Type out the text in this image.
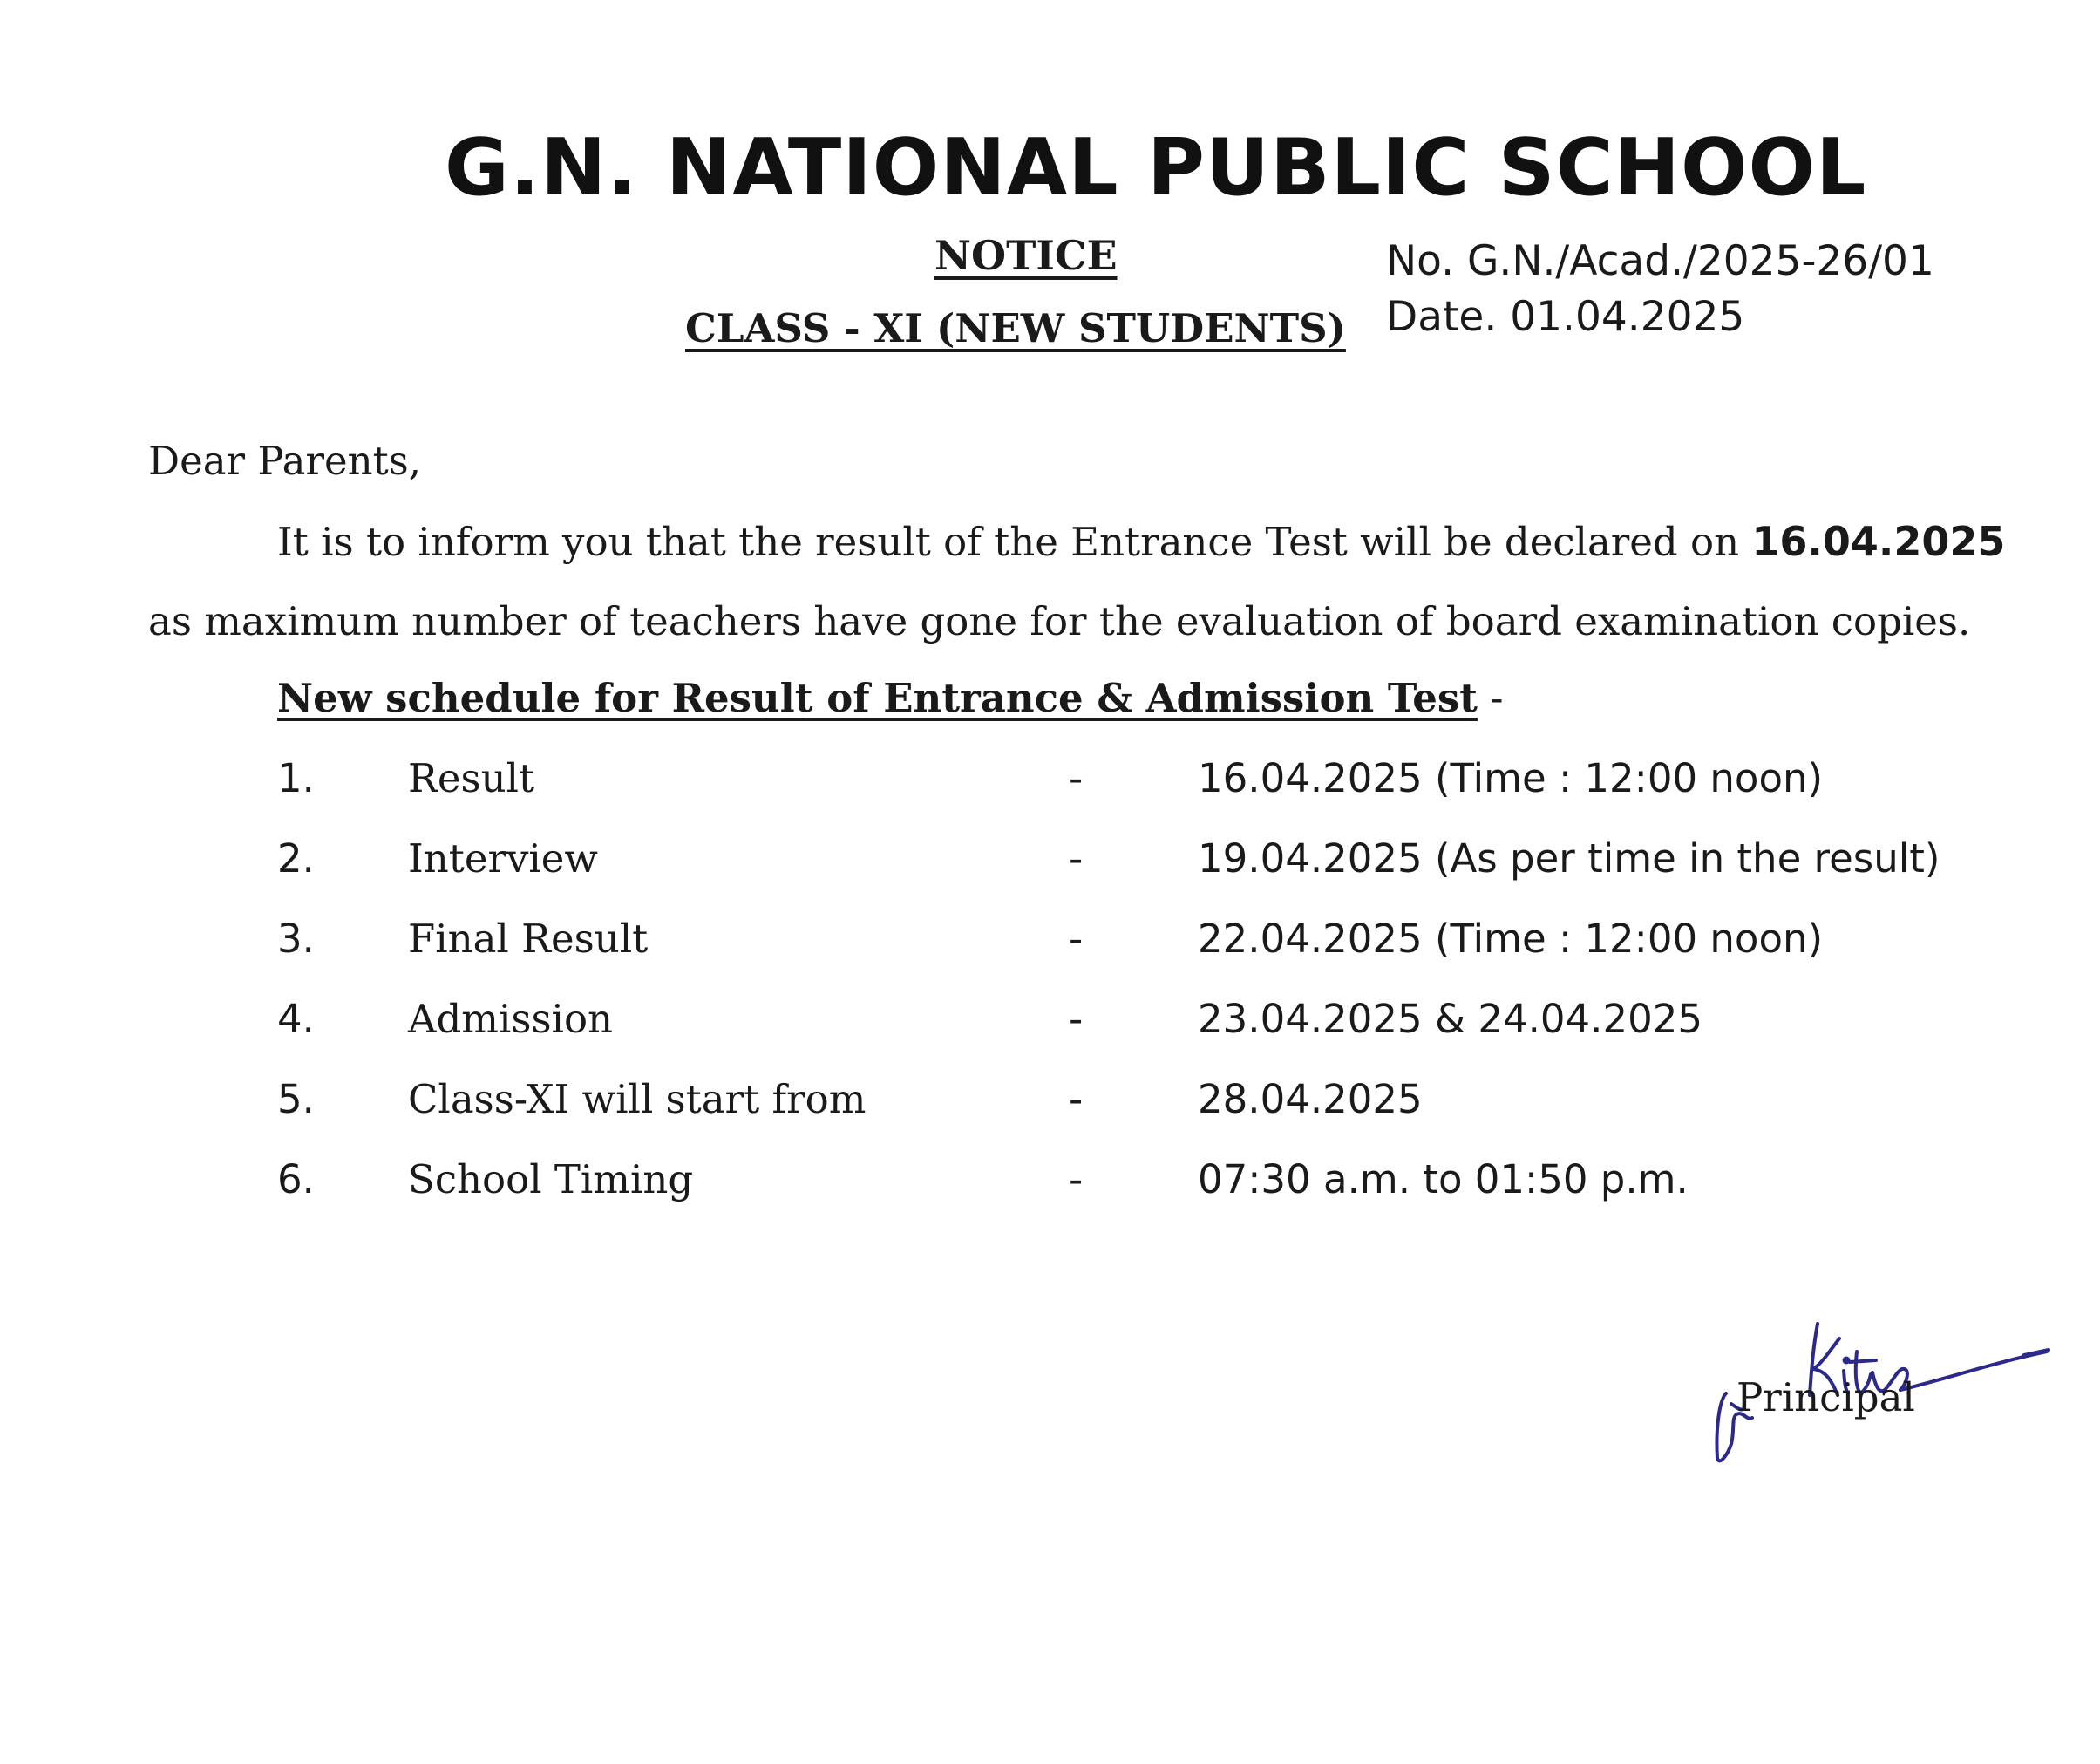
G.N. NATIONAL PUBLIC SCHOOL
NOTICE
CLASS - XI (NEW STUDENTS)
No. G.N./Acad./2025-26/01
Date. 01.04.2025
Dear Parents,
It is to inform you that the result of the Entrance Test will be declared on 16.04.2025
as maximum number of teachers have gone for the evaluation of board examination copies.
New schedule for Result of Entrance & Admission Test -
1. Result	-	16.04.2025 (Time : 12:00 noon)
2. Interview	-	19.04.2025 (As per time in the result)
3. Final Result	-	22.04.2025 (Time : 12:00 noon)
4. Admission	-	23.04.2025 & 24.04.2025
5. Class-XI will start from	-	28.04.2025
6. School Timing	-	07:30 a.m. to 01:50 p.m.
Principal
